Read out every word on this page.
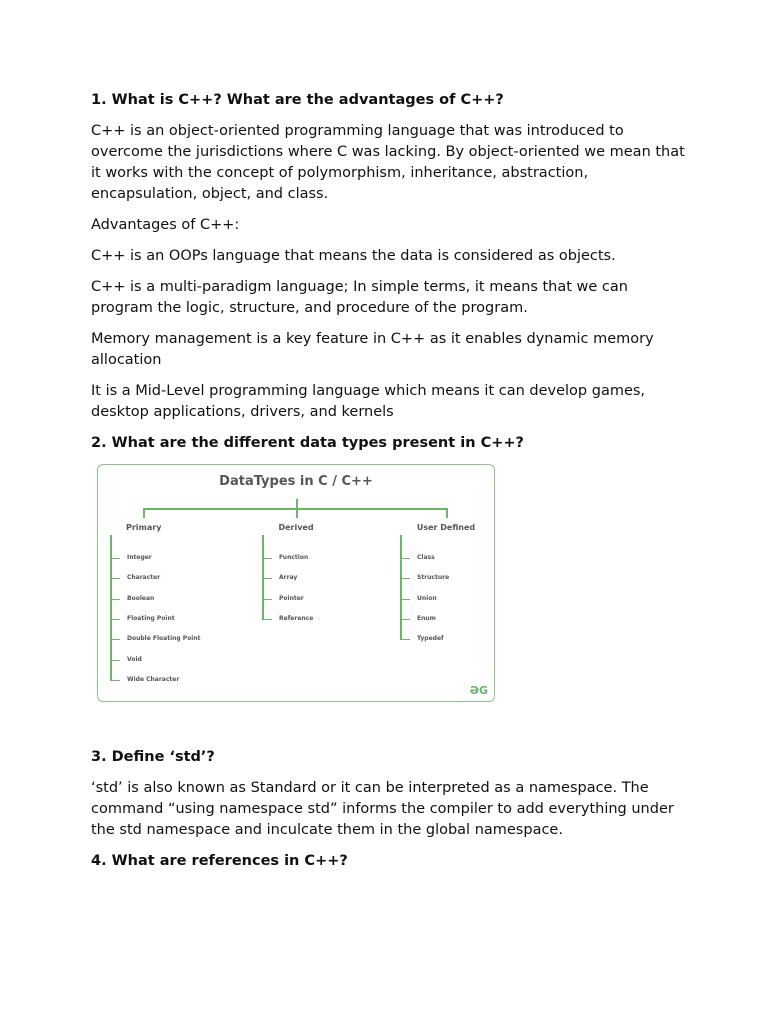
1. What is C++? What are the advantages of C++?
C++ is an object-oriented programming language that was introduced to overcome the jurisdictions where C was lacking. By object-oriented we mean that it works with the concept of polymorphism, inheritance, abstraction, encapsulation, object, and class.
Advantages of C++:
C++ is an OOPs language that means the data is considered as objects.
C++ is a multi-paradigm language; In simple terms, it means that we can program the logic, structure, and procedure of the program.
Memory management is a key feature in C++ as it enables dynamic memory allocation
It is a Mid-Level programming language which means it can develop games, desktop applications, drivers, and kernels
2. What are the different data types present in C++?
DataTypes in C / C++
ƏG
Primary
Integer
Character
Boolean
Floating Point
Double Floating Point
Void
Wide Character
Derived
Function
Array
Pointer
Reference
User Defined
Class
Structure
Union
Enum
Typedef
3. Define ‘std’?
‘std’ is also known as Standard or it can be interpreted as a namespace. The command “using namespace std” informs the compiler to add everything under the std namespace and inculcate them in the global namespace.
4. What are references in C++?
